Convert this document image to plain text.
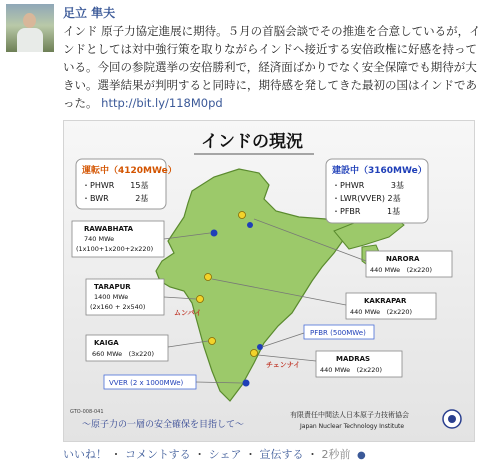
足立 隼夫
インド 原子力協定進展に期待。５月の首脳会談でその推進を合意しているが，インドとしては対中強行策を取りながらインドへ接近する安倍政権に好感を持っている。今回の参院選挙の安倍勝利で，経済面ばかりでなく安全保障でも期待が大きい。選挙結果が判明すると同時に，期待感を発してきた最初の国はインドであった。 http://bit.ly/118M0pd
インドの現況
ムンバイ
チェンナイ
運転中（4120MWe）
・PHWR　　15基
・BWR　　　 2基
建設中（3160MWe）
・PHWR　　　 3基
・LWR(VVER) 2基
・PFBR　　　 1基
RAWABHATA
740 MWe
(1x100+1x200+2x220)
TARAPUR
1400 MWe
(2x160 + 2x540)
KAIGA
660 MWe　(3x220)
VVER (2 x 1000MWe)
NARORA
440 MWe　(2x220)
KAKRAPAR
440 MWe　(2x220)
PFBR (500MWe)
MADRAS
440 MWe　(2x220)
GTO-008-041
〜原子力の一層の安全確保を目指して〜
有限責任中間法人日本原子力技術協会
Japan Nuclear Technology Institute
いいね！ ・ コメントする ・ シェア ・ 宣伝する ・ 2秒前 ●
